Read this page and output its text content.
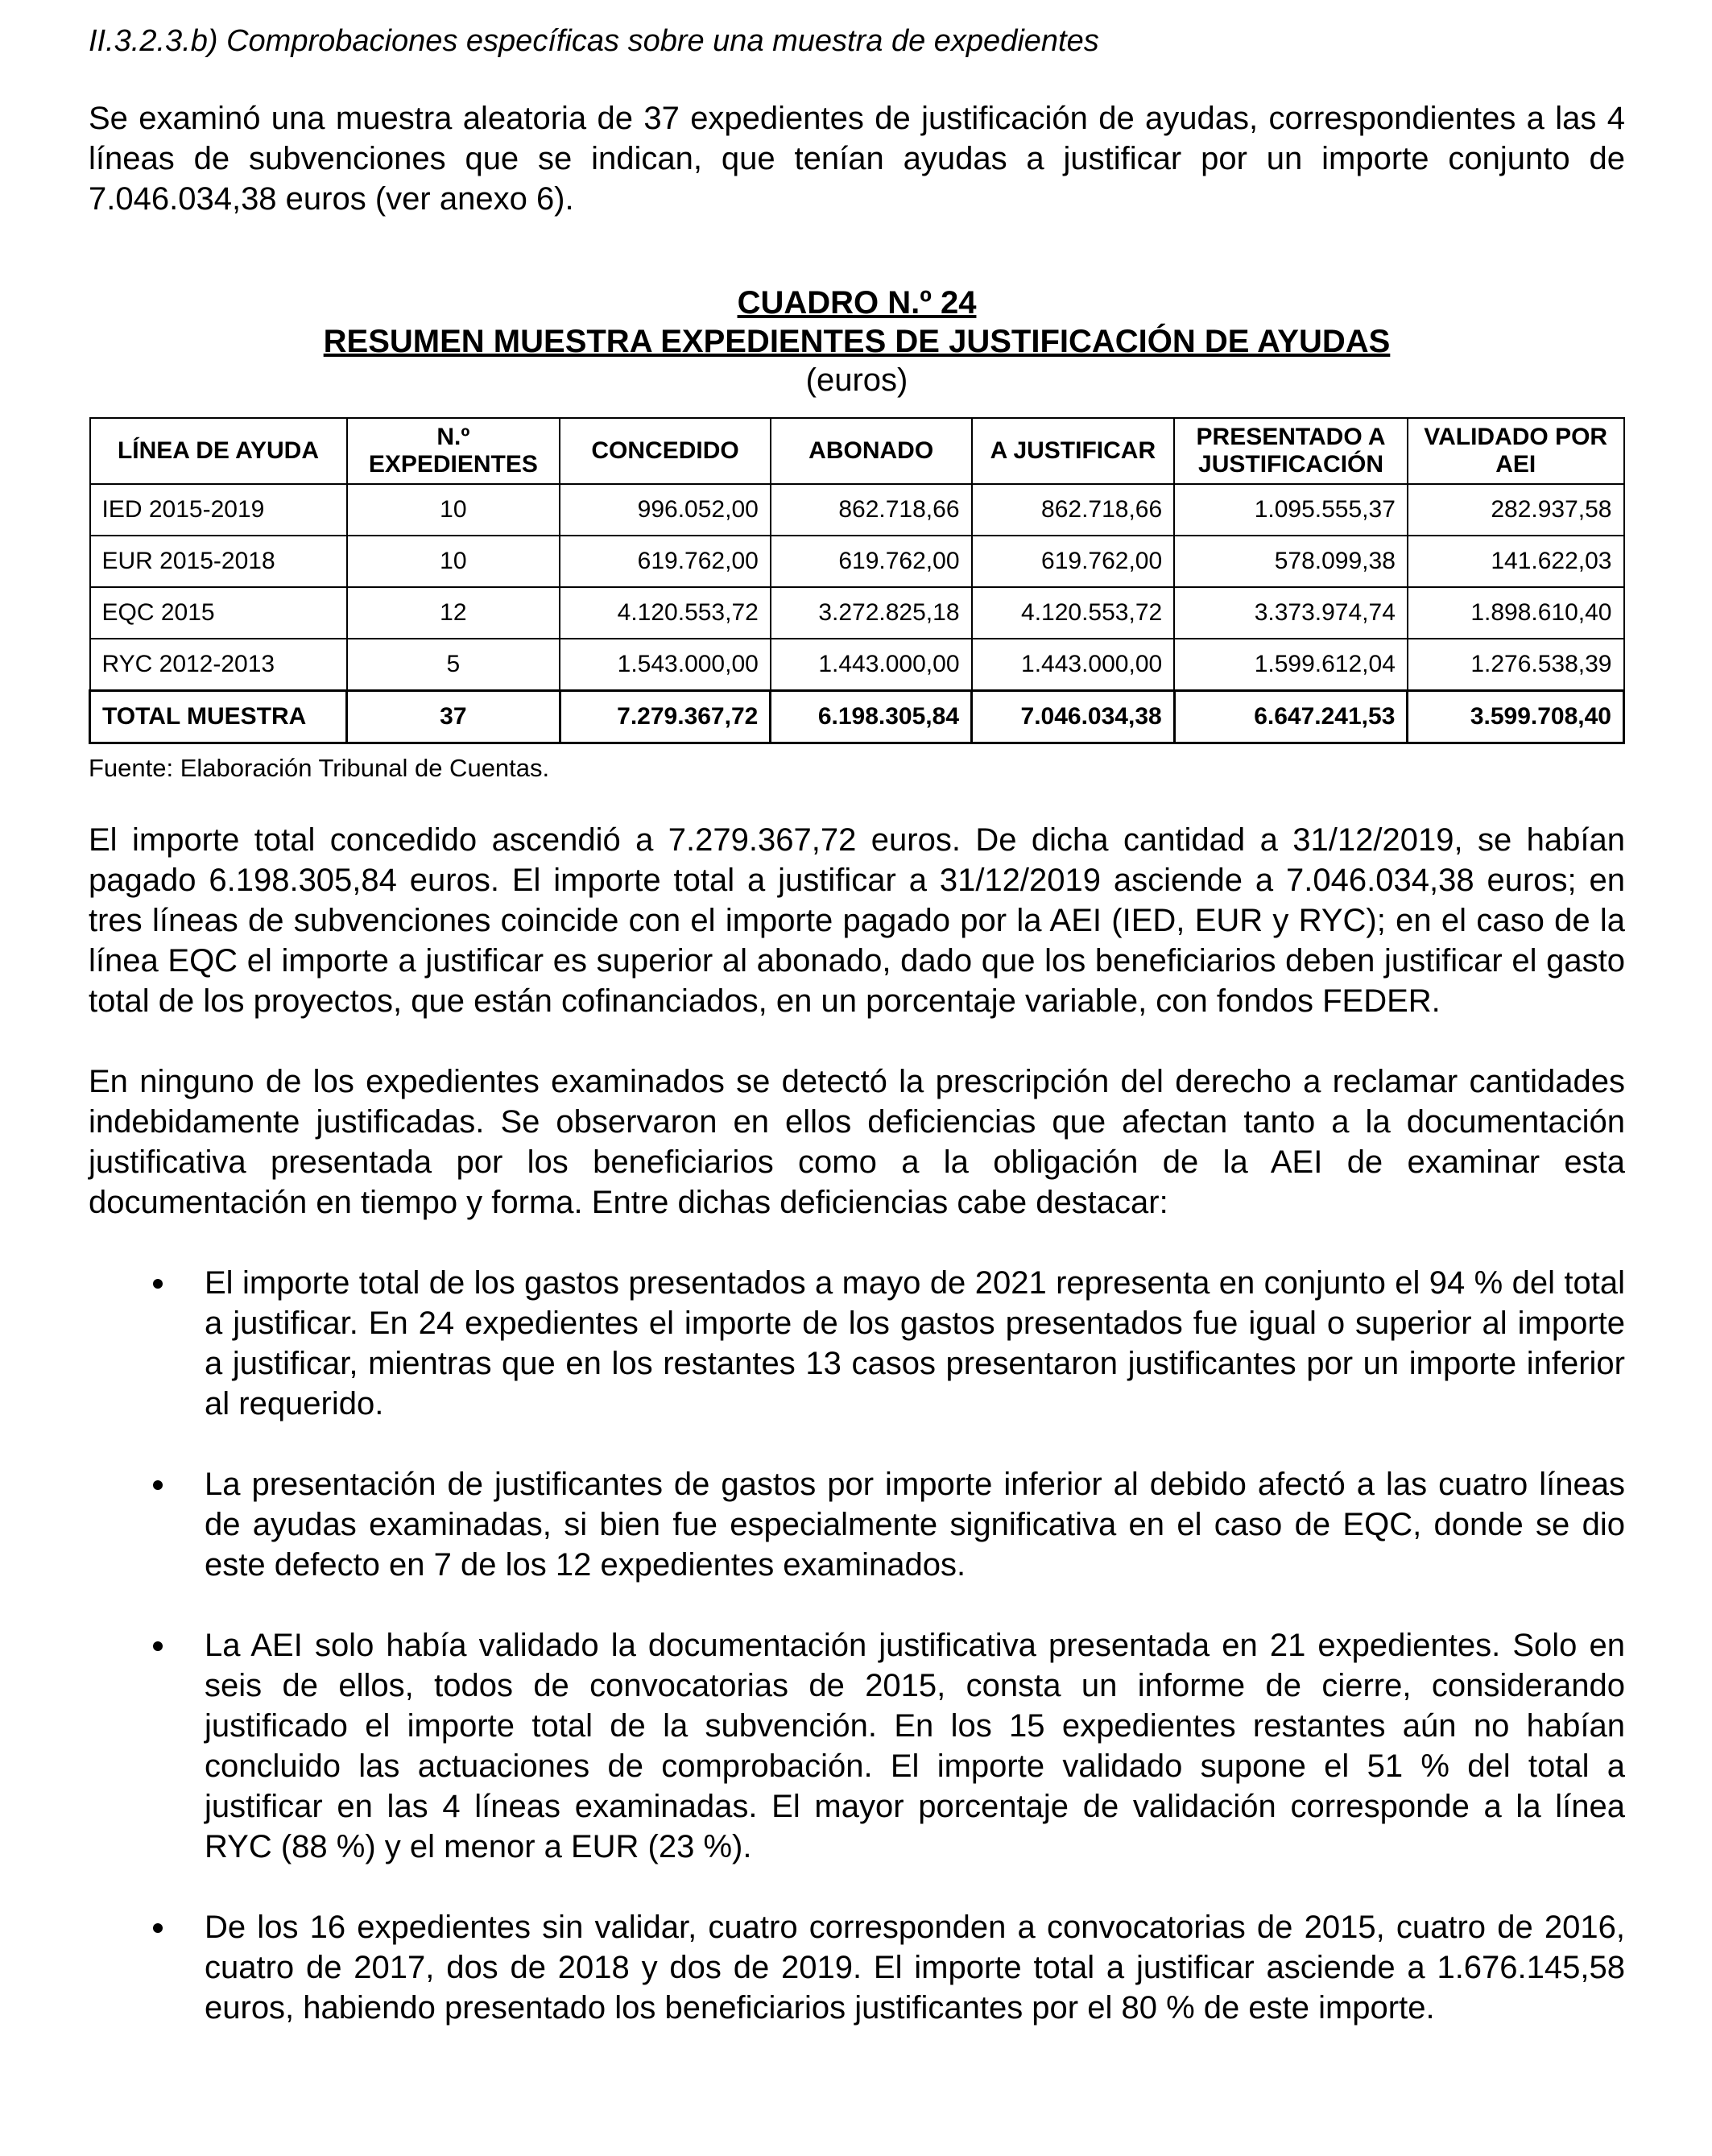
II.3.2.3.b) Comprobaciones específicas sobre una muestra de expedientes

Se examinó una muestra aleatoria de 37 expedientes de justificación de ayudas, correspondientes a las 4 líneas de subvenciones que se indican, que tenían ayudas a justificar por un importe conjunto de 7.046.034,38 euros (ver anexo 6).

CUADRO N.º 24
RESUMEN MUESTRA EXPEDIENTES DE JUSTIFICACIÓN DE AYUDAS
(euros)
LÍNEA DE AYUDA	N.º EXPEDIENTES	CONCEDIDO	ABONADO	A JUSTIFICAR	PRESENTADO A JUSTIFICACIÓN	VALIDADO POR AEI
IED 2015-2019	10	996.052,00	862.718,66	862.718,66	1.095.555,37	282.937,58
EUR 2015-2018	10	619.762,00	619.762,00	619.762,00	578.099,38	141.622,03
EQC 2015	12	4.120.553,72	3.272.825,18	4.120.553,72	3.373.974,74	1.898.610,40
RYC 2012-2013	5	1.543.000,00	1.443.000,00	1.443.000,00	1.599.612,04	1.276.538,39
TOTAL MUESTRA	37	7.279.367,72	6.198.305,84	7.046.034,38	6.647.241,53	3.599.708,40
Fuente: Elaboración Tribunal de Cuentas.

El importe total concedido ascendió a 7.279.367,72 euros. De dicha cantidad a 31/12/2019, se habían pagado 6.198.305,84 euros. El importe total a justificar a 31/12/2019 asciende a 7.046.034,38 euros; en tres líneas de subvenciones coincide con el importe pagado por la AEI (IED, EUR y RYC); en el caso de la línea EQC el importe a justificar es superior al abonado, dado que los beneficiarios deben justificar el gasto total de los proyectos, que están cofinanciados, en un porcentaje variable, con fondos FEDER.

En ninguno de los expedientes examinados se detectó la prescripción del derecho a reclamar cantidades indebidamente justificadas. Se observaron en ellos deficiencias que afectan tanto a la documentación justificativa presentada por los beneficiarios como a la obligación de la AEI de examinar esta documentación en tiempo y forma. Entre dichas deficiencias cabe destacar:

El importe total de los gastos presentados a mayo de 2021 representa en conjunto el 94 % del total a justificar. En 24 expedientes el importe de los gastos presentados fue igual o superior al importe a justificar, mientras que en los restantes 13 casos presentaron justificantes por un importe inferior al requerido.

La presentación de justificantes de gastos por importe inferior al debido afectó a las cuatro líneas de ayudas examinadas, si bien fue especialmente significativa en el caso de EQC, donde se dio este defecto en 7 de los 12 expedientes examinados.

La AEI solo había validado la documentación justificativa presentada en 21 expedientes. Solo en seis de ellos, todos de convocatorias de 2015, consta un informe de cierre, considerando justificado el importe total de la subvención. En los 15 expedientes restantes aún no habían concluido las actuaciones de comprobación. El importe validado supone el 51 % del total a justificar en las 4 líneas examinadas. El mayor porcentaje de validación corresponde a la línea RYC (88 %) y el menor a EUR (23 %).

De los 16 expedientes sin validar, cuatro corresponden a convocatorias de 2015, cuatro de 2016, cuatro de 2017, dos de 2018 y dos de 2019. El importe total a justificar asciende a 1.676.145,58 euros, habiendo presentado los beneficiarios justificantes por el 80 % de este importe.
